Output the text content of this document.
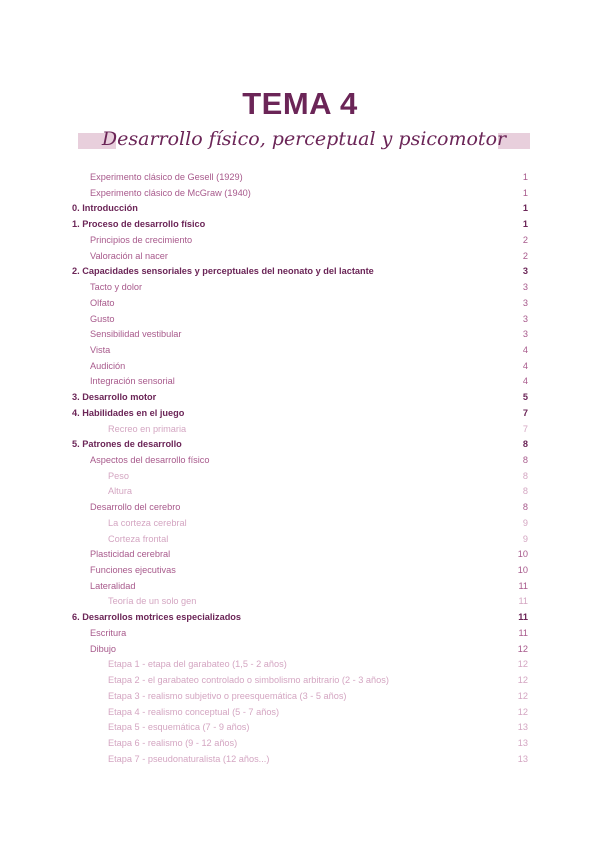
TEMA 4
Desarrollo físico, perceptual y psicomotor
Experimento clásico de Gesell (1929)	1
Experimento clásico de McGraw (1940)	1
0. Introducción	1
1. Proceso de desarrollo físico	1
Principios de crecimiento	2
Valoración al nacer	2
2. Capacidades sensoriales y perceptuales del neonato y del lactante	3
Tacto y dolor	3
Olfato	3
Gusto	3
Sensibilidad vestibular	3
Vista	4
Audición	4
Integración sensorial	4
3. Desarrollo motor	5
4. Habilidades en el juego	7
Recreo en primaria	7
5. Patrones de desarrollo	8
Aspectos del desarrollo físico	8
Peso	8
Altura	8
Desarrollo del cerebro	8
La corteza cerebral	9
Corteza frontal	9
Plasticidad cerebral	10
Funciones ejecutivas	10
Lateralidad	11
Teoría de un solo gen	11
6. Desarrollos motrices especializados	11
Escritura	11
Dibujo	12
Etapa 1 - etapa del garabateo (1,5 - 2 años)	12
Etapa 2 - el garabateo controlado o simbolismo arbitrario (2 - 3 años)	12
Etapa 3 - realismo subjetivo o preesquemática (3 - 5 años)	12
Etapa 4 - realismo conceptual (5 - 7 años)	12
Etapa 5 - esquemática (7 - 9 años)	13
Etapa 6 - realismo (9 - 12 años)	13
Etapa 7 - pseudonaturalista (12 años...)	13
